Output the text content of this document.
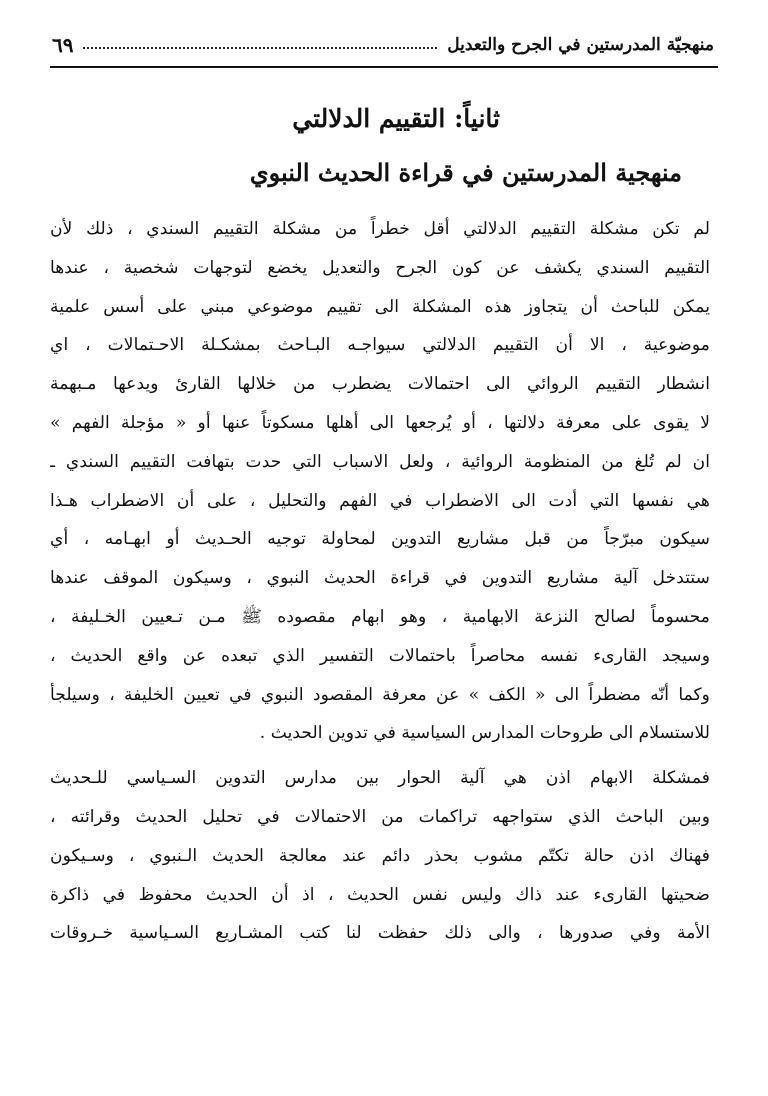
منهجيّة المدرستين في الجرح والتعديل
٦٩
ثانياً: التقييم الدلالتي
منهجية المدرستين في قراءة الحديث النبوي
لم تكن مشكلة التقييم الدلالتي أقل خطراً من مشكلة التقييم السندي ، ذلك لأن
التقييم السندي يكشف عن كون الجرح والتعديل يخضع لتوجهات شخصية ، عندها
يمكن للباحث أن يتجاوز هذه المشكلة الى تقييم موضوعي مبني على أسس علمية
موضوعية ، الا أن التقييم الدلالتي سيواجـه البـاحث بمشكـلة الاحـتمالات ، اي
انشطار التقييم الروائي الى احتمالات يضطرب من خلالها القارئ ويدعها مـبهمة
لا يقوى على معرفة دلالتها ، أو يُرجعها الى أهلها مسكوتاً عنها أو « مؤجلة الفهم »
ان لم تُلغ من المنظومة الروائية ، ولعل الاسباب التي حدت بتهافت التقييم السندي ـ
هي نفسها التي أدت الى الاضطراب في الفهم والتحليل ، على أن الاضطراب هـذا
سيكون مبرّجاً من قبل مشاريع التدوين لمحاولة توجيه الحـديث أو ابهـامه ، أي
ستتدخل آلية مشاريع التدوين في قراءة الحديث النبوي ، وسيكون الموقف عندها
محسوماً لصالح النزعة الابهامية ، وهو ابهام مقصوده ﷺ مـن تـعيين الخـليفة ،
وسيجد القارىء نفسه محاصراً باحتمالات التفسير الذي تبعده عن واقع الحديث ،
وكما أنّه مضطراً الى « الكف » عن معرفة المقصود النبوي في تعيين الخليفة ، وسيلجأ
للاستسلام الى طروحات المدارس السياسية في تدوين الحديث .
فمشكلة الابهام اذن هي آلية الحوار بين مدارس التدوين السـياسي للـحديث
وبين الباحث الذي ستواجهه تراكمات من الاحتمالات في تحليل الحديث وقرائته ،
فهناك اذن حالة تكتّم مشوب بحذر دائم عند معالجة الحديث الـنبوي ، وسـيكون
ضحيتها القارىء عند ذاك وليس نفس الحديث ، اذ أن الحديث محفوظ في ذاكرة
الأمة وفي صدورها ، والى ذلك حفظت لنا كتب المشـاريع السـياسية خـروقات
